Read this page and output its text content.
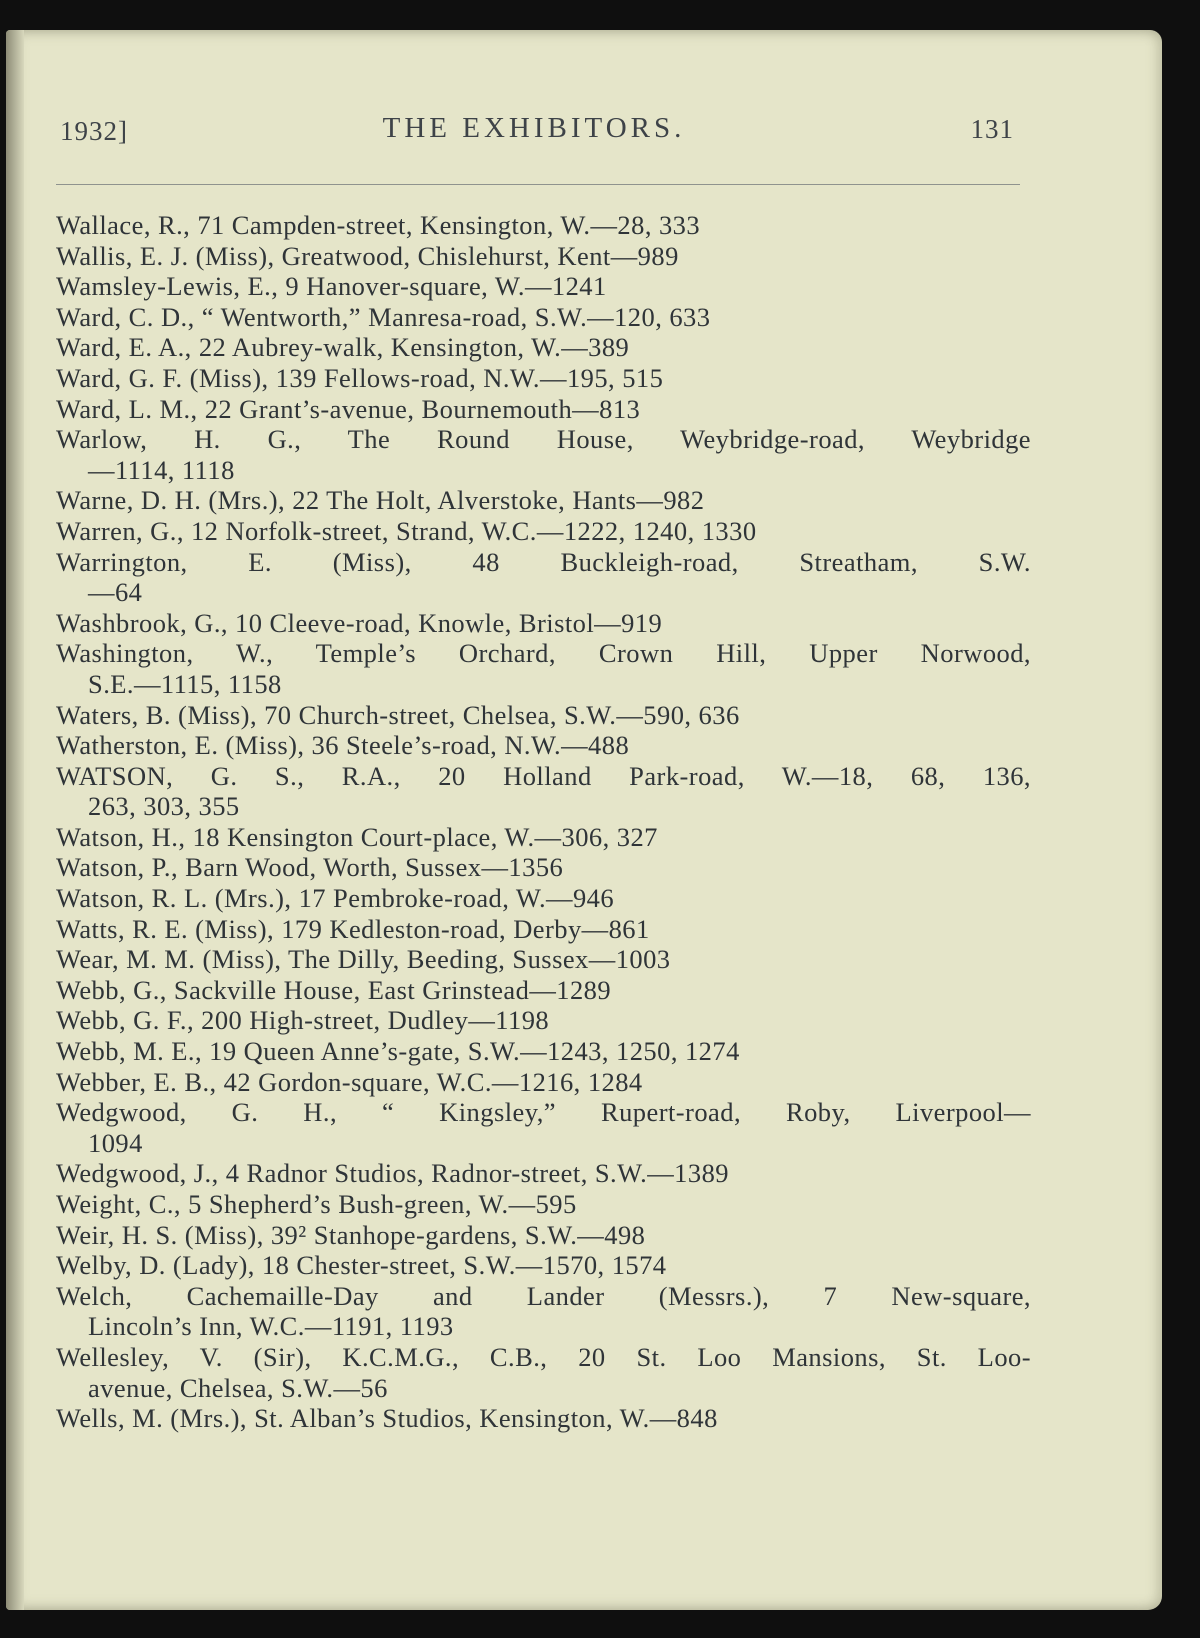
1932]	THE EXHIBITORS.	131
Wallace, R., 71 Campden-street, Kensington, W.—28, 333
Wallis, E. J. (Miss), Greatwood, Chislehurst, Kent—989
Wamsley-Lewis, E., 9 Hanover-square, W.—1241
Ward, C. D., “ Wentworth,” Manresa-road, S.W.—120, 633
Ward, E. A., 22 Aubrey-walk, Kensington, W.—389
Ward, G. F. (Miss), 139 Fellows-road, N.W.—195, 515
Ward, L. M., 22 Grant’s-avenue, Bournemouth—813
Warlow, H. G., The Round House, Weybridge-road, Weybridge
—1114, 1118
Warne, D. H. (Mrs.), 22 The Holt, Alverstoke, Hants—982
Warren, G., 12 Norfolk-street, Strand, W.C.—1222, 1240, 1330
Warrington, E. (Miss), 48 Buckleigh-road, Streatham, S.W.
—64
Washbrook, G., 10 Cleeve-road, Knowle, Bristol—919
Washington, W., Temple’s Orchard, Crown Hill, Upper Norwood,
S.E.—1115, 1158
Waters, B. (Miss), 70 Church-street, Chelsea, S.W.—590, 636
Watherston, E. (Miss), 36 Steele’s-road, N.W.—488
WATSON, G. S., R.A., 20 Holland Park-road, W.—18, 68, 136,
263, 303, 355
Watson, H., 18 Kensington Court-place, W.—306, 327
Watson, P., Barn Wood, Worth, Sussex—1356
Watson, R. L. (Mrs.), 17 Pembroke-road, W.—946
Watts, R. E. (Miss), 179 Kedleston-road, Derby—861
Wear, M. M. (Miss), The Dilly, Beeding, Sussex—1003
Webb, G., Sackville House, East Grinstead—1289
Webb, G. F., 200 High-street, Dudley—1198
Webb, M. E., 19 Queen Anne’s-gate, S.W.—1243, 1250, 1274
Webber, E. B., 42 Gordon-square, W.C.—1216, 1284
Wedgwood, G. H., “ Kingsley,” Rupert-road, Roby, Liverpool—
1094
Wedgwood, J., 4 Radnor Studios, Radnor-street, S.W.—1389
Weight, C., 5 Shepherd’s Bush-green, W.—595
Weir, H. S. (Miss), 39² Stanhope-gardens, S.W.—498
Welby, D. (Lady), 18 Chester-street, S.W.—1570, 1574
Welch, Cachemaille-Day and Lander (Messrs.), 7 New-square,
Lincoln’s Inn, W.C.—1191, 1193
Wellesley, V. (Sir), K.C.M.G., C.B., 20 St. Loo Mansions, St. Loo-
avenue, Chelsea, S.W.—56
Wells, M. (Mrs.), St. Alban’s Studios, Kensington, W.—848
